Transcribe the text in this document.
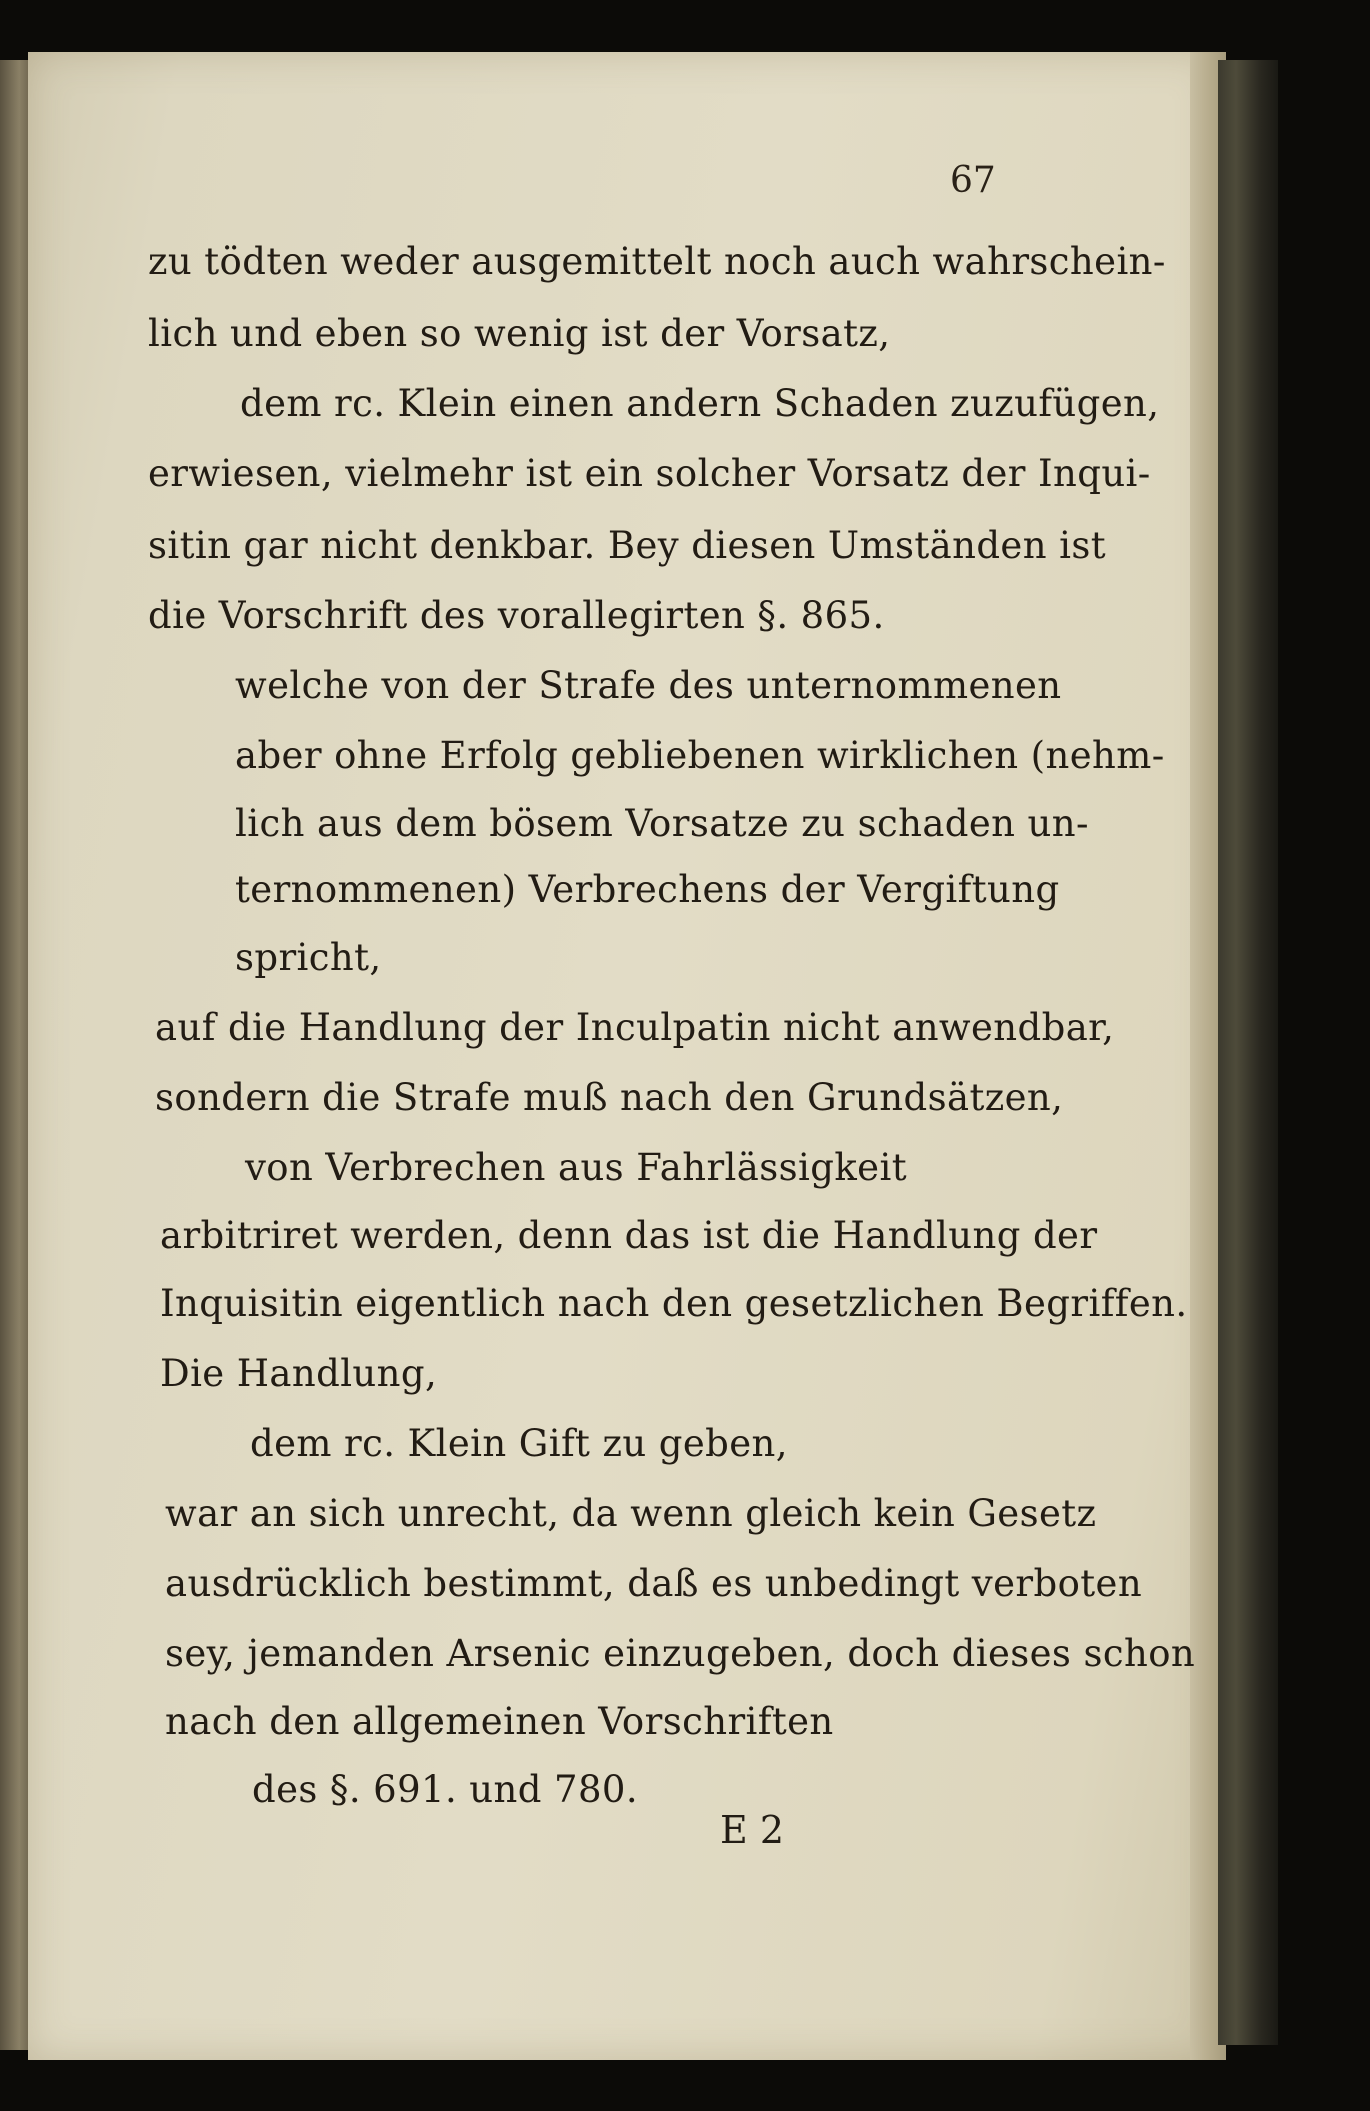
67
zu tödten weder ausgemittelt noch auch wahrschein-
lich und eben so wenig ist der Vorsatz,
dem rc. Klein einen andern Schaden zuzufügen,
erwiesen, vielmehr ist ein solcher Vorsatz der Inqui-
sitin gar nicht denkbar. Bey diesen Umständen ist
die Vorschrift des vorallegirten §. 865.
welche von der Strafe des unternommenen
aber ohne Erfolg gebliebenen wirklichen (nehm-
lich aus dem bösem Vorsatze zu schaden un-
ternommenen) Verbrechens der Vergiftung
spricht,
auf die Handlung der Inculpatin nicht anwendbar,
sondern die Strafe muß nach den Grundsätzen,
von Verbrechen aus Fahrlässigkeit
arbitriret werden, denn das ist die Handlung der
Inquisitin eigentlich nach den gesetzlichen Begriffen.
Die Handlung,
dem rc. Klein Gift zu geben,
war an sich unrecht, da wenn gleich kein Gesetz
ausdrücklich bestimmt, daß es unbedingt verboten
sey, jemanden Arsenic einzugeben, doch dieses schon
nach den allgemeinen Vorschriften
des §. 691. und 780.
E 2
